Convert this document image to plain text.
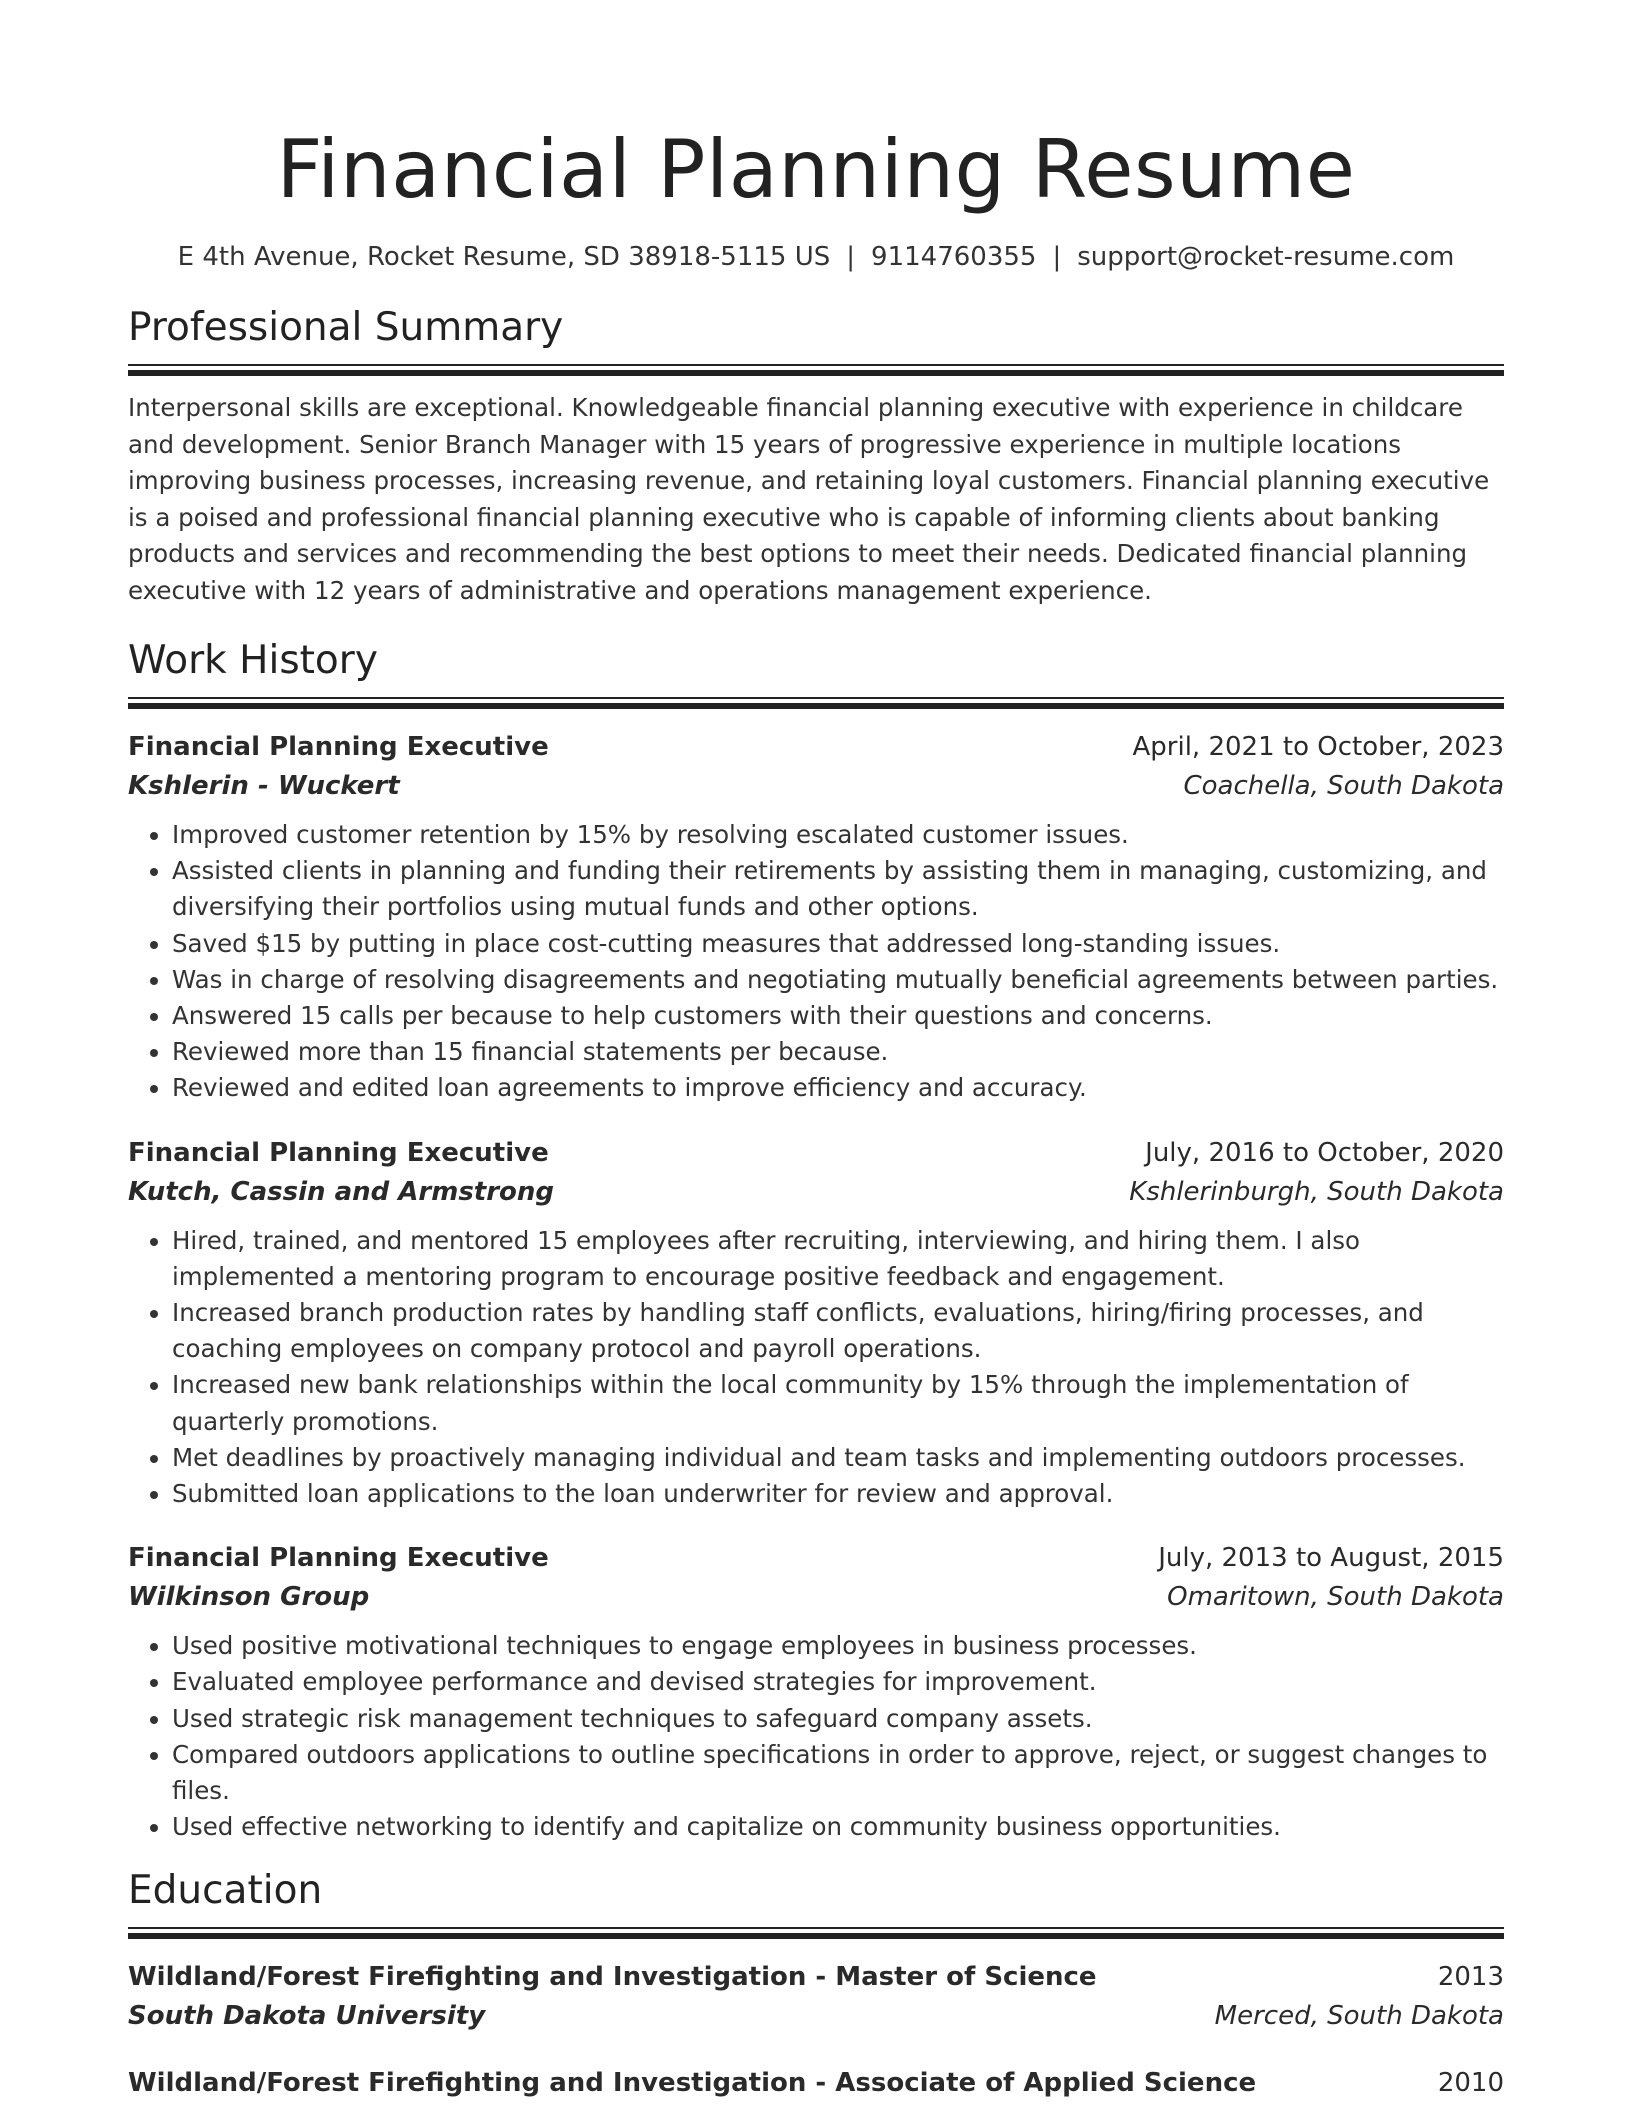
Financial Planning Resume
E 4th Avenue, Rocket Resume, SD 38918-5115 US | 9114760355 | support@rocket-resume.com
Professional Summary
Interpersonal skills are exceptional. Knowledgeable financial planning executive with experience in childcare and development. Senior Branch Manager with 15 years of progressive experience in multiple locations improving business processes, increasing revenue, and retaining loyal customers. Financial planning executive is a poised and professional financial planning executive who is capable of informing clients about banking products and services and recommending the best options to meet their needs. Dedicated financial planning executive with 12 years of administrative and operations management experience.
Work History
Financial Planning Executive	April, 2021 to October, 2023
Kshlerin - Wuckert	Coachella, South Dakota
• Improved customer retention by 15% by resolving escalated customer issues.
• Assisted clients in planning and funding their retirements by assisting them in managing, customizing, and diversifying their portfolios using mutual funds and other options.
• Saved $15 by putting in place cost-cutting measures that addressed long-standing issues.
• Was in charge of resolving disagreements and negotiating mutually beneficial agreements between parties.
• Answered 15 calls per because to help customers with their questions and concerns.
• Reviewed more than 15 financial statements per because.
• Reviewed and edited loan agreements to improve efficiency and accuracy.
Financial Planning Executive	July, 2016 to October, 2020
Kutch, Cassin and Armstrong	Kshlerinburgh, South Dakota
• Hired, trained, and mentored 15 employees after recruiting, interviewing, and hiring them. I also implemented a mentoring program to encourage positive feedback and engagement.
• Increased branch production rates by handling staff conflicts, evaluations, hiring/firing processes, and coaching employees on company protocol and payroll operations.
• Increased new bank relationships within the local community by 15% through the implementation of quarterly promotions.
• Met deadlines by proactively managing individual and team tasks and implementing outdoors processes.
• Submitted loan applications to the loan underwriter for review and approval.
Financial Planning Executive	July, 2013 to August, 2015
Wilkinson Group	Omaritown, South Dakota
• Used positive motivational techniques to engage employees in business processes.
• Evaluated employee performance and devised strategies for improvement.
• Used strategic risk management techniques to safeguard company assets.
• Compared outdoors applications to outline specifications in order to approve, reject, or suggest changes to files.
• Used effective networking to identify and capitalize on community business opportunities.
Education
Wildland/Forest Firefighting and Investigation - Master of Science	2013
South Dakota University	Merced, South Dakota
Wildland/Forest Firefighting and Investigation - Associate of Applied Science	2010
